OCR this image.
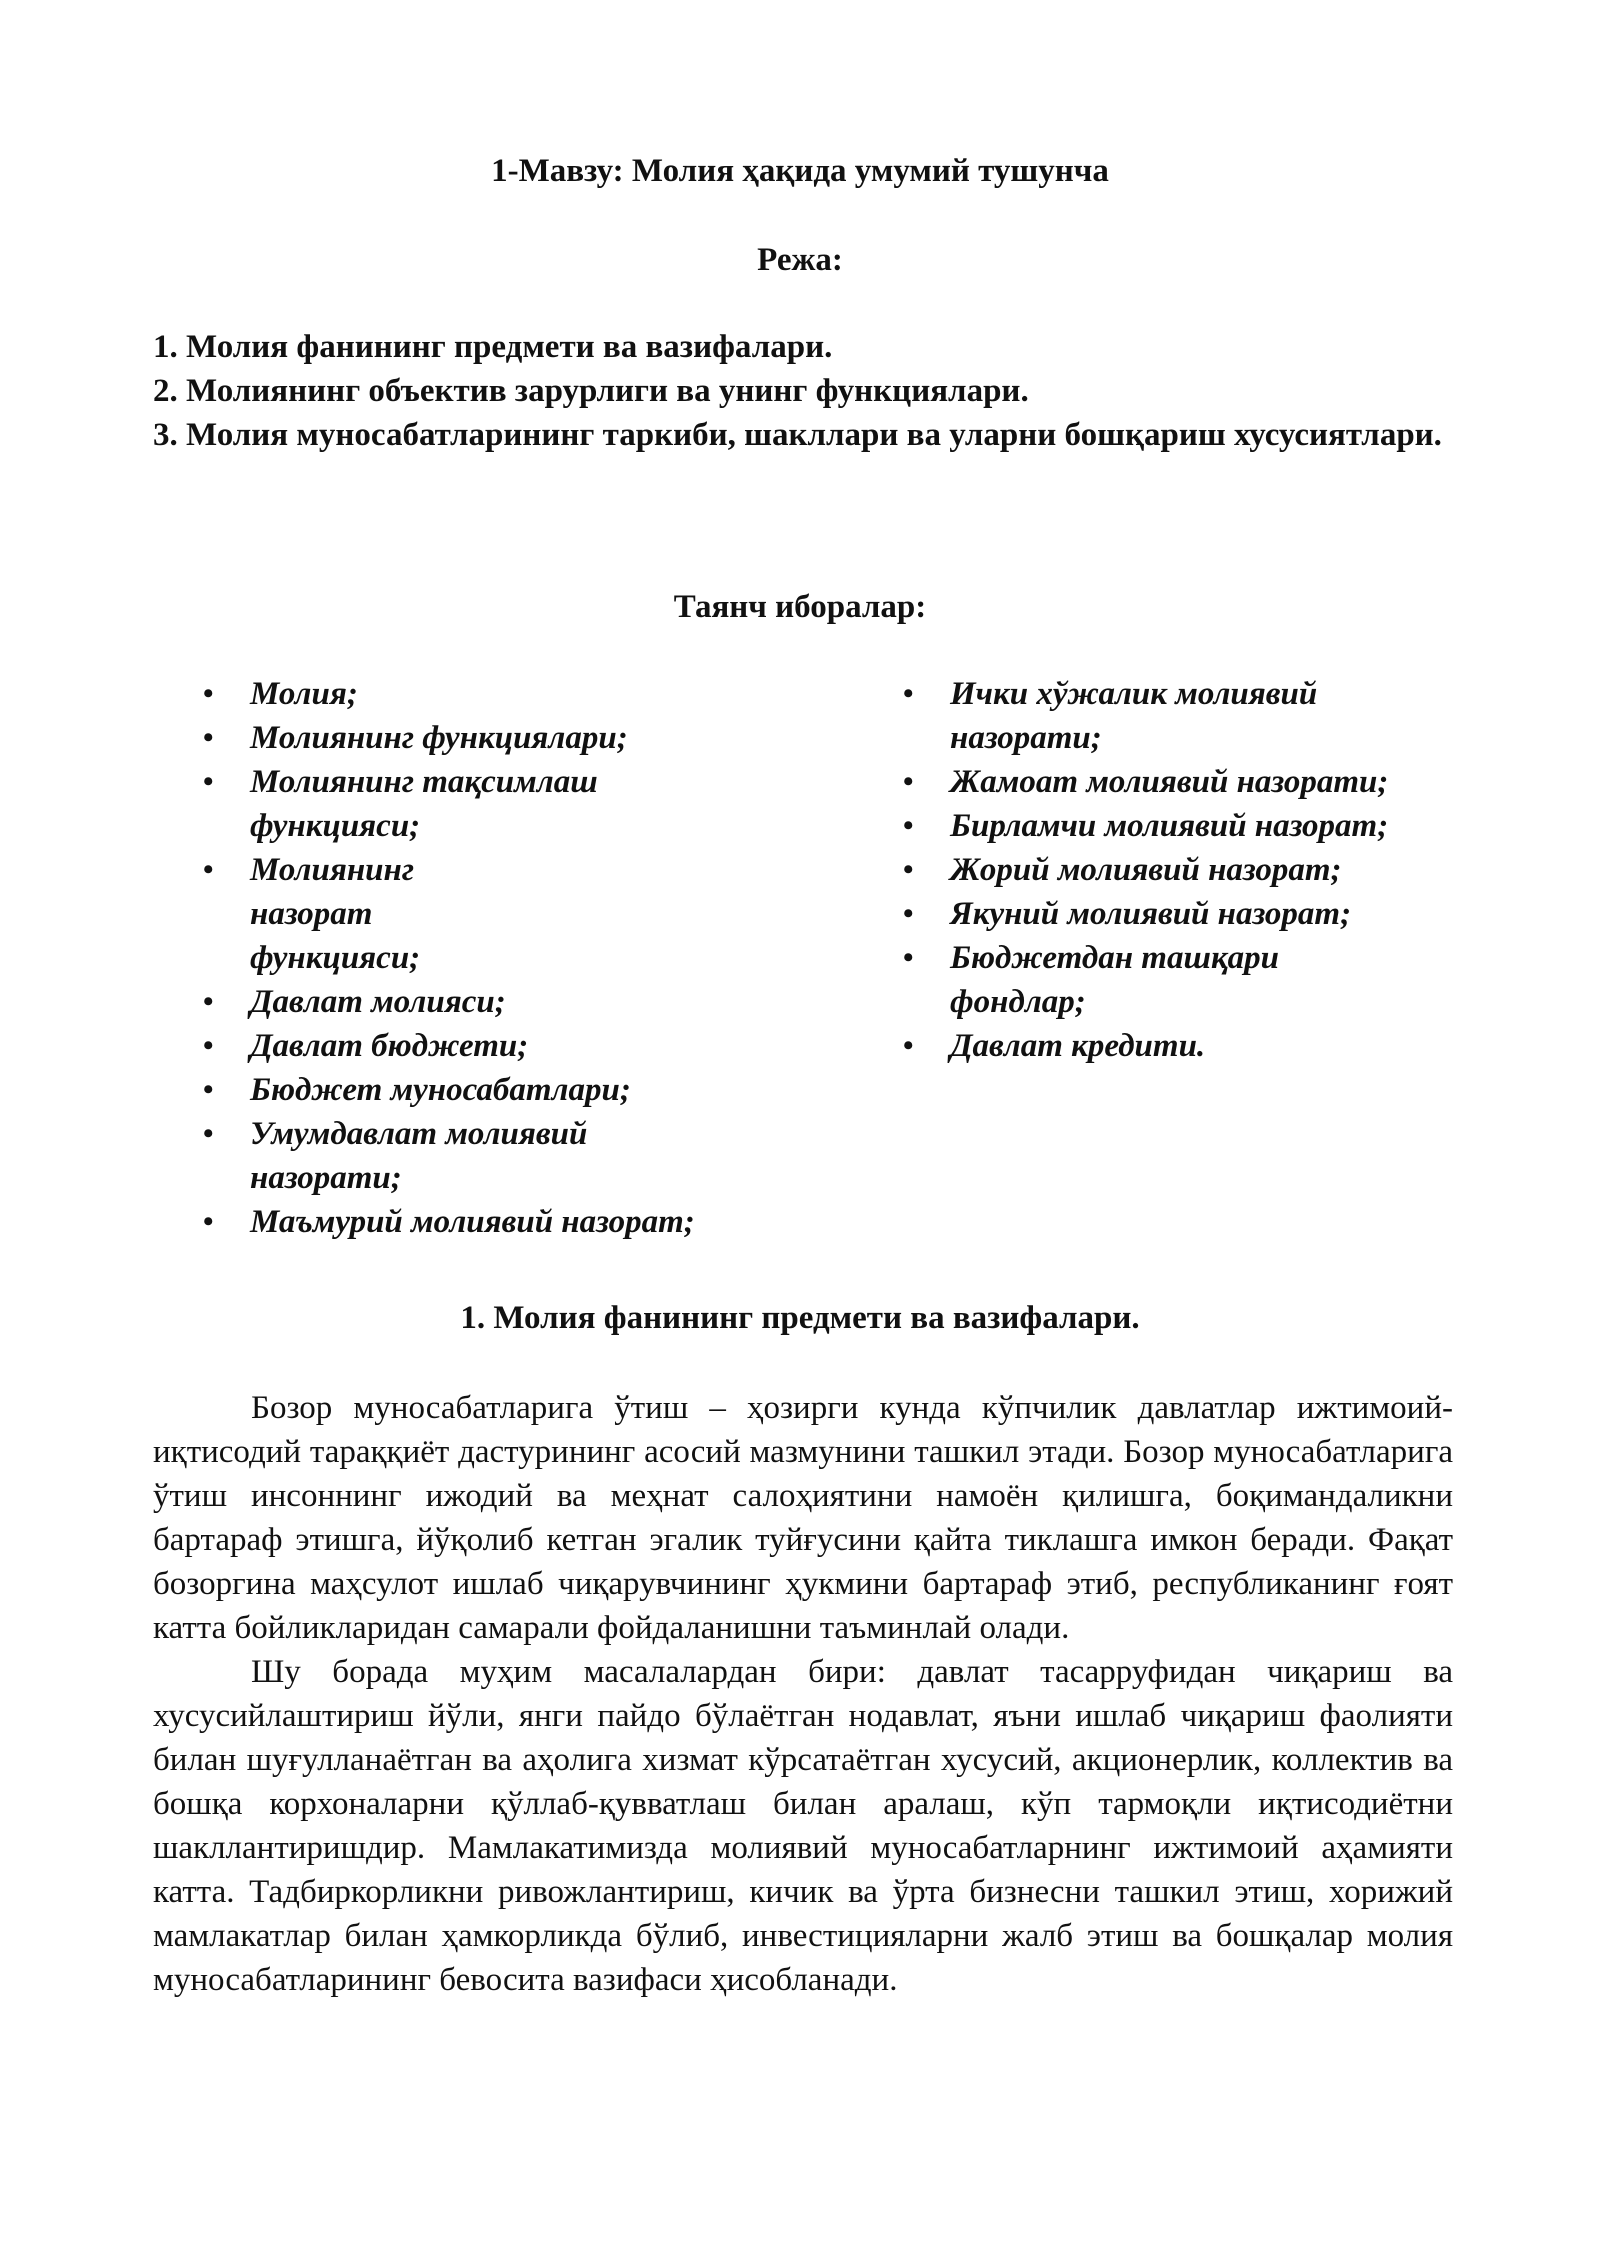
1-Мавзу: Молия ҳақида умумий тушунча
Режа:
1. Молия фанининг предмети ва вазифалари.
2. Молиянинг объектив зарурлиги ва унинг функциялари.
3. Молия муносабатларининг таркиби, шакллари ва уларни бошқариш хусусиятлари.
Таянч иборалар:
• Молия;
• Молиянинг функциялари;
• Молиянинг тақсимлаш функцияси;
• Молиянинг назорат функцияси;
• Давлат молияси;
• Давлат бюджети;
• Бюджет муносабатлари;
• Умумдавлат молиявий назорати;
• Маъмурий молиявий назорат;
• Ички хўжалик молиявий назорати;
• Жамоат молиявий назорати;
• Бирламчи молиявий назорат;
• Жорий молиявий назорат;
• Якуний молиявий назорат;
• Бюджетдан ташқари фондлар;
• Давлат кредити.
1. Молия фанининг предмети ва вазифалари.

Бозор муносабатларига ўтиш – ҳозирги кунда кўпчилик давлатлар ижтимоий-иқтисодий тараққиёт дастурининг асосий мазмунини ташкил этади. Бозор муносабатларига ўтиш инсоннинг ижодий ва меҳнат салоҳиятини намоён қилишга, боқимандаликни бартараф этишга, йўқолиб кетган эгалик туйғусини қайта тиклашга имкон беради. Фақат бозоргина маҳсулот ишлаб чиқарувчининг ҳукмини бартараф этиб, республиканинг ғоят катта бойликларидан самарали фойдаланишни таъминлай олади.

Шу борада муҳим масалалардан бири: давлат тасарруфидан чиқариш ва хусусийлаштириш йўли, янги пайдо бўлаётган нодавлат, яъни ишлаб чиқариш фаолияти билан шуғулланаётган ва аҳолига хизмат кўрсатаётган хусусий, акционерлик, коллектив ва бошқа корхоналарни қўллаб-қувватлаш билан аралаш, кўп тармоқли иқтисодиётни шакллантиришдир. Мамлакатимизда молиявий муносабатларнинг ижтимоий аҳамияти катта. Тадбиркорликни ривожлантириш, кичик ва ўрта бизнесни ташкил этиш, хорижий мамлакатлар билан ҳамкорликда бўлиб, инвестицияларни жалб этиш ва бошқалар молия муносабатларининг бевосита вазифаси ҳисобланади.
